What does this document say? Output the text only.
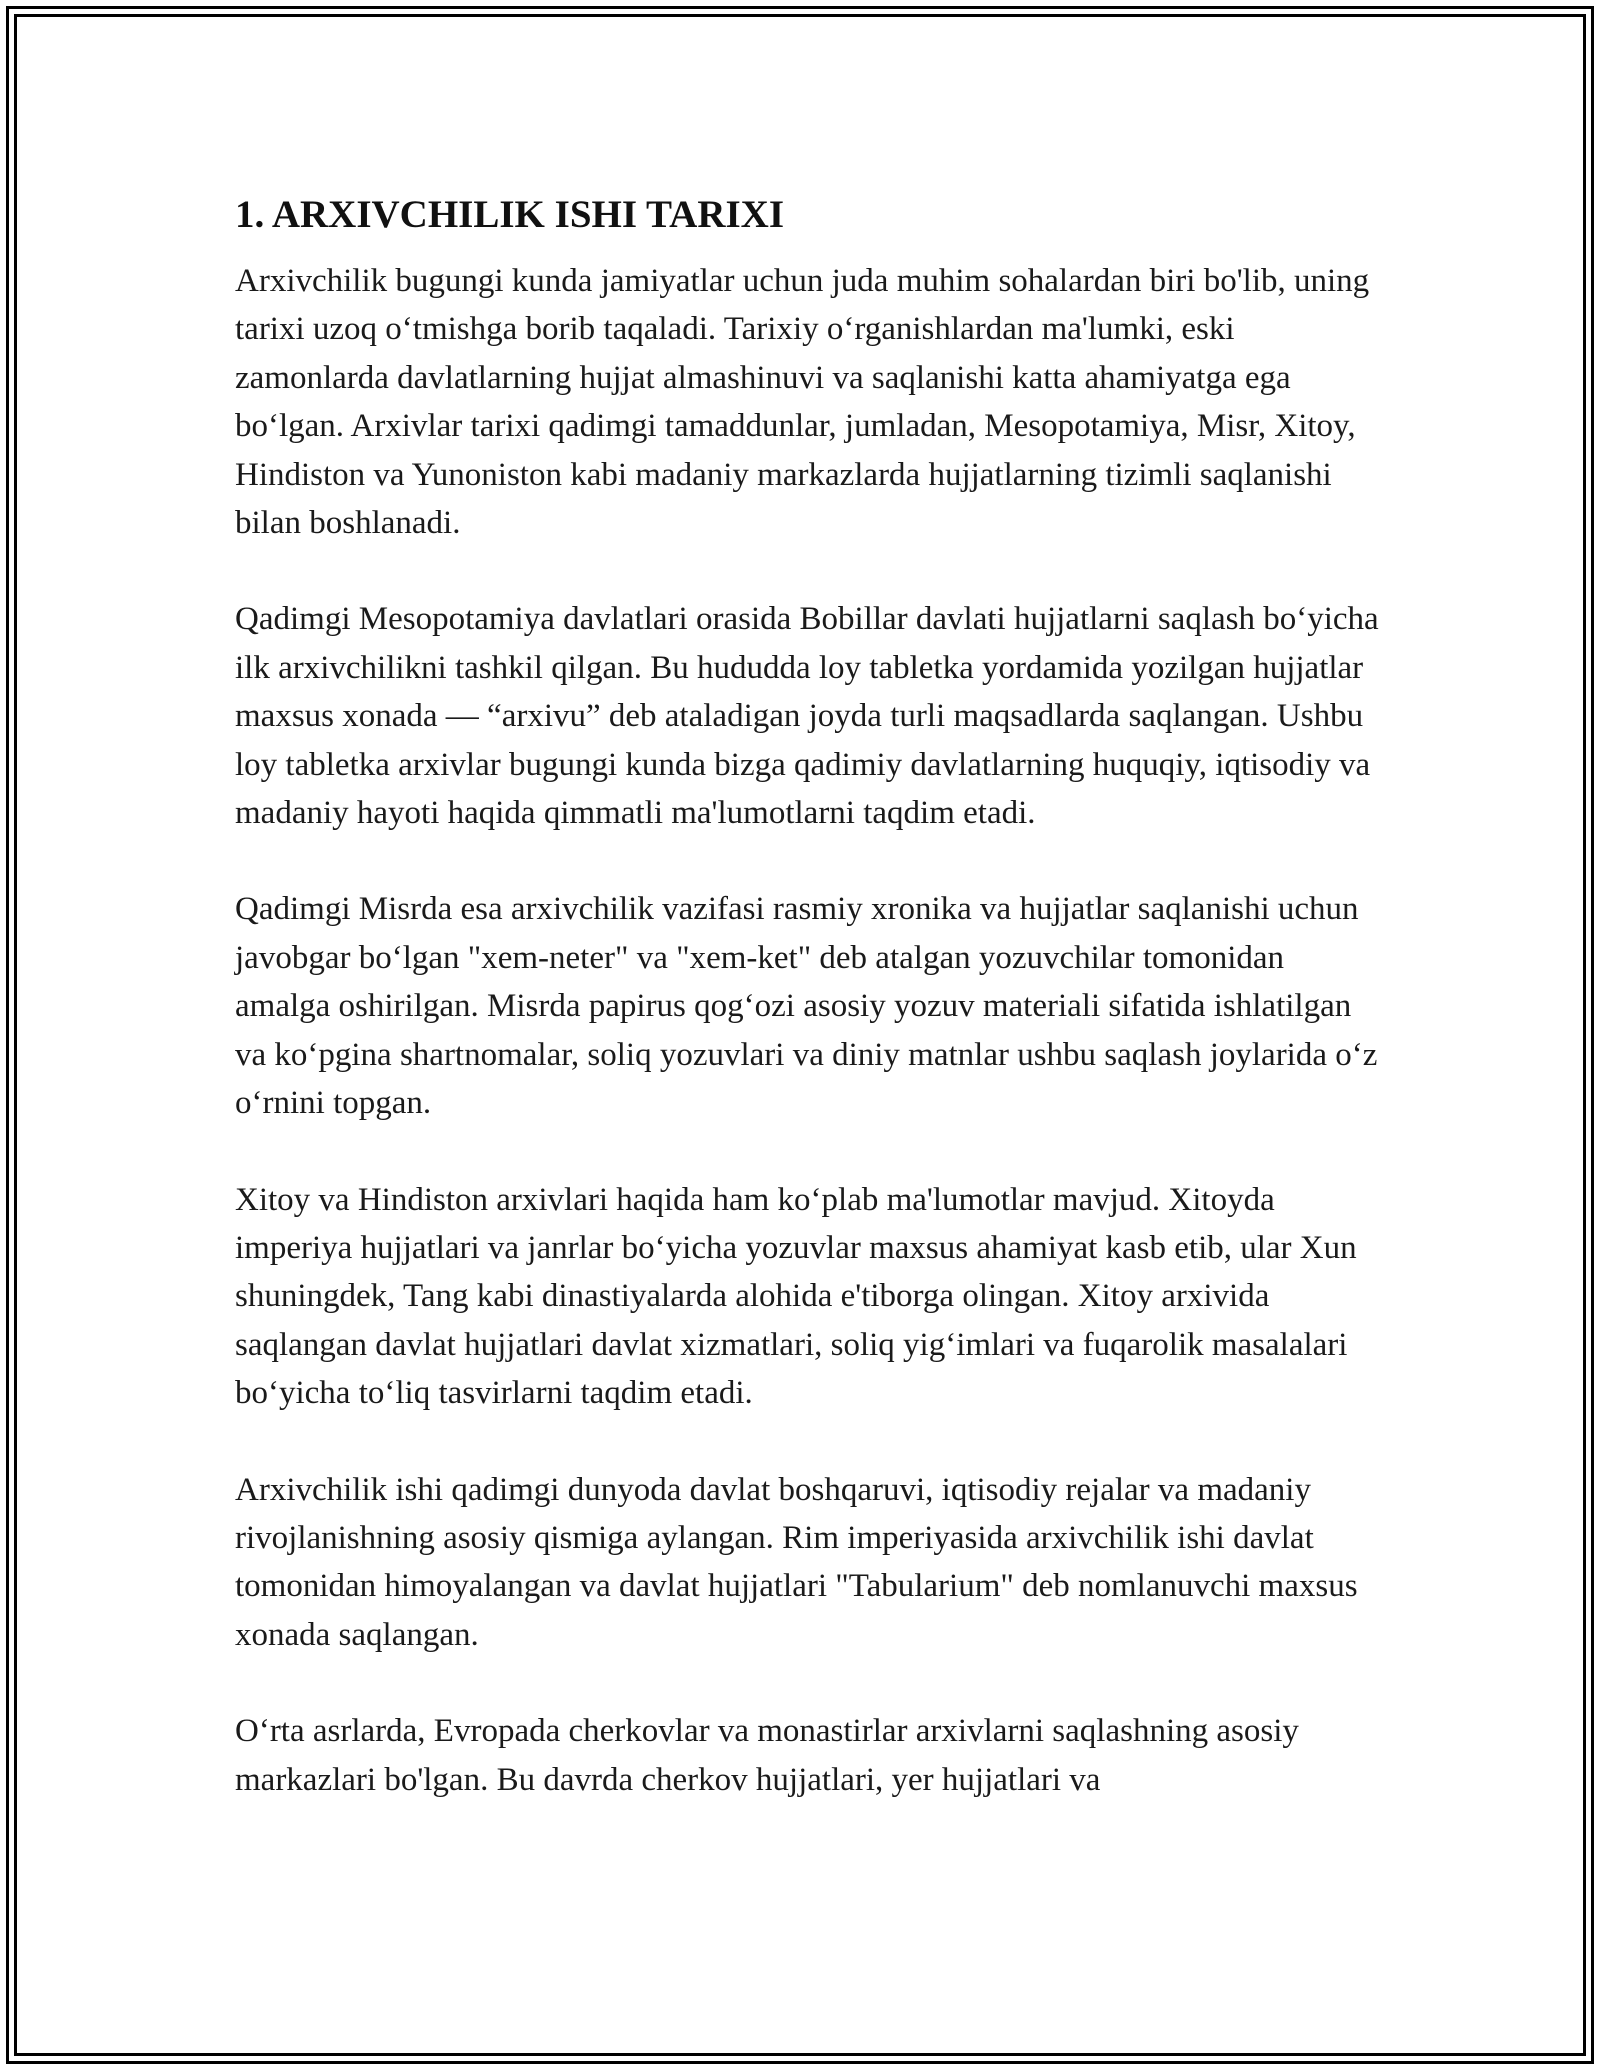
1. ARXIVCHILIK ISHI TARIXI

Arxivchilik bugungi kunda jamiyatlar uchun juda muhim sohalardan biri bo'lib, uning tarixi uzoq o‘tmishga borib taqaladi. Tarixiy o‘rganishlardan ma'lumki, eski zamonlarda davlatlarning hujjat almashinuvi va saqlanishi katta ahamiyatga ega bo‘lgan. Arxivlar tarixi qadimgi tamaddunlar, jumladan, Mesopotamiya, Misr, Xitoy, Hindiston va Yunoniston kabi madaniy markazlarda hujjatlarning tizimli saqlanishi bilan boshlanadi.

Qadimgi Mesopotamiya davlatlari orasida Bobillar davlati hujjatlarni saqlash bo‘yicha ilk arxivchilikni tashkil qilgan. Bu hududda loy tabletka yordamida yozilgan hujjatlar maxsus xonada — “arxivu” deb ataladigan joyda turli maqsadlarda saqlangan. Ushbu loy tabletka arxivlar bugungi kunda bizga qadimiy davlatlarning huquqiy, iqtisodiy va madaniy hayoti haqida qimmatli ma'lumotlarni taqdim etadi.

Qadimgi Misrda esa arxivchilik vazifasi rasmiy xronika va hujjatlar saqlanishi uchun javobgar bo‘lgan "xem-neter" va "xem-ket" deb atalgan yozuvchilar tomonidan amalga oshirilgan. Misrda papirus qog‘ozi asosiy yozuv materiali sifatida ishlatilgan va ko‘pgina shartnomalar, soliq yozuvlari va diniy matnlar ushbu saqlash joylarida o‘z o‘rnini topgan.

Xitoy va Hindiston arxivlari haqida ham ko‘plab ma'lumotlar mavjud. Xitoyda imperiya hujjatlari va janrlar bo‘yicha yozuvlar maxsus ahamiyat kasb etib, ular Xun shuningdek, Tang kabi dinastiyalarda alohida e'tiborga olingan. Xitoy arxivida saqlangan davlat hujjatlari davlat xizmatlari, soliq yig‘imlari va fuqarolik masalalari bo‘yicha to‘liq tasvirlarni taqdim etadi.

Arxivchilik ishi qadimgi dunyoda davlat boshqaruvi, iqtisodiy rejalar va madaniy rivojlanishning asosiy qismiga aylangan. Rim imperiyasida arxivchilik ishi davlat tomonidan himoyalangan va davlat hujjatlari "Tabularium" deb nomlanuvchi maxsus xonada saqlangan.

O‘rta asrlarda, Evropada cherkovlar va monastirlar arxivlarni saqlashning asosiy markazlari bo'lgan. Bu davrda cherkov hujjatlari, yer hujjatlari va
